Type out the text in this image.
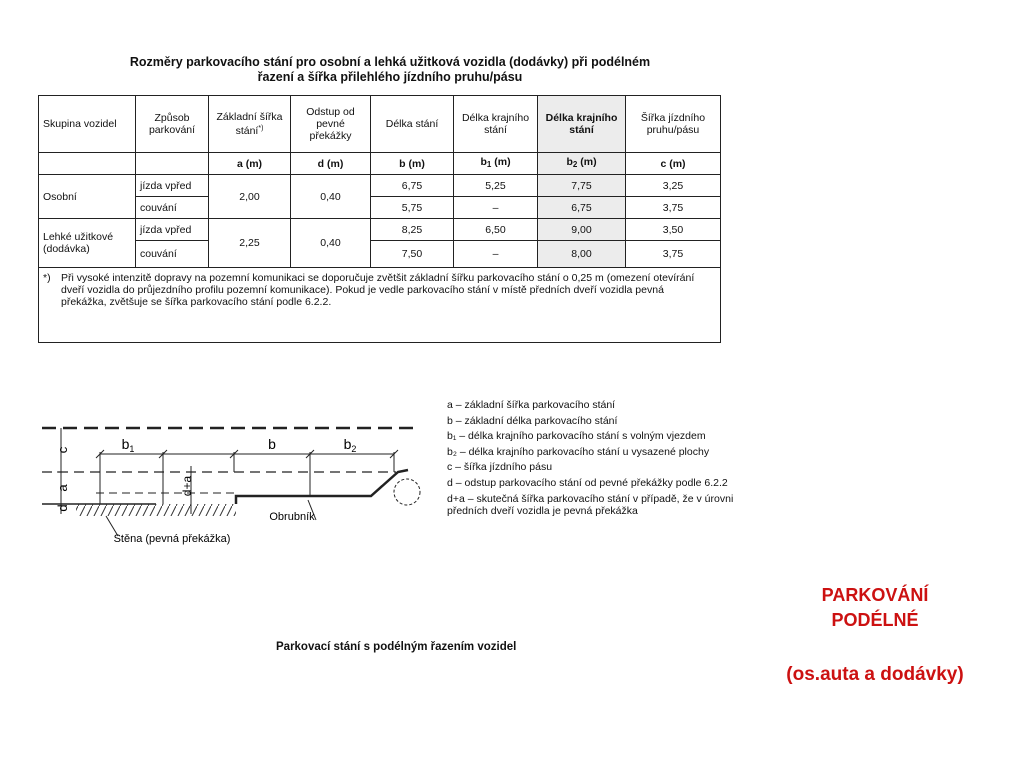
Rozměry parkovacího stání pro osobní a lehká užitková vozidla (dodávky) při podélném
řazení a šířka přilehlého jízdního pruhu/pásu
Skupina vozidel	Způsob parkování	Základní šířka stání*)	Odstup od pevné překážky	Délka stání	Délka krajního stání	Délka krajního stání	Šířka jízdního pruhu/pásu
		a (m)	d (m)	b (m)	$b_1$ (m)	$b_2$ (m)	c (m)
Osobní	jízda vpřed	2,00	0,40	6,75	5,25	7,75	3,25
	couvání			5,75	–	6,75	3,75
Lehké užitkové (dodávka)	jízda vpřed	2,25	0,40	8,25	6,50	9,00	3,50
	couvání			7,50	–	8,00	3,75
*) Při vysoké intenzitě dopravy na pozemní komunikaci se doporučuje zvětšit základní šířku parkovacího stání o 0,25 m (omezení otevírání dveří vozidla do průjezdního profilu pozemní komunikace). Pokud je vedle parkovacího stání v místě předních dveří vozidla pevná překážka, zvětšuje se šířka parkovacího stání podle 6.2.2.							
c
a
d
$b_1$	b	$b_2$
d+a
Obrubník
Stěna (pevná překážka)
a – základní šířka parkovacího stání
b – základní délka parkovacího stání
b₁ – délka krajního parkovacího stání s volným vjezdem
b₂ – délka krajního parkovacího stání u vysazené plochy
c – šířka jízdního pásu
d – odstup parkovacího stání od pevné překážky podle 6.2.2
d+a – skutečná šířka parkovacího stání v případě, že v úrovni předních dveří vozidla je pevná překážka
Parkovací stání s podélným řazením vozidel
PARKOVÁNÍ
PODÉLNÉ
(os.auta a dodávky)
